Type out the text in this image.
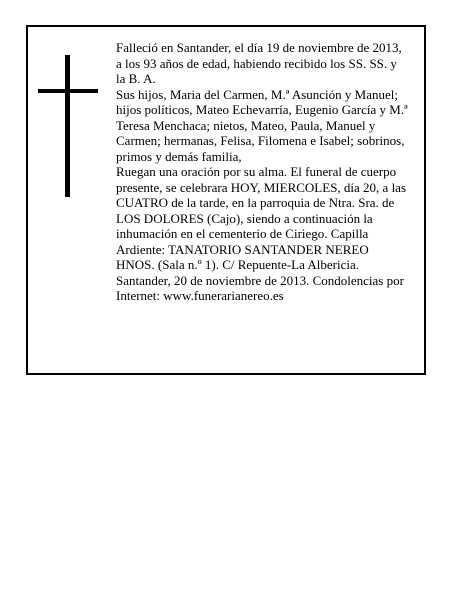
Falleció en Santander, el día 19 de noviembre de 2013,
a los 93 años de edad, habiendo recibido los SS. SS. y
la B. A.

Sus hijos, Maria del Carmen, M.ª Asunción y Manuel;
hijos políticos, Mateo Echevarría, Eugenio García y M.ª
Teresa Menchaca; nietos, Mateo, Paula, Manuel y
Carmen; hermanas, Felisa, Filomena e Isabel; sobrinos,
primos y demás familia,

Ruegan una oración por su alma. El funeral de cuerpo
presente, se celebrara HOY, MIERCOLES, día 20, a las
CUATRO de la tarde, en la parroquia de Ntra. Sra. de
LOS DOLORES (Cajo), siendo a continuación la
inhumación en el cementerio de Ciriego. Capilla
Ardiente: TANATORIO SANTANDER NEREO
HNOS. (Sala n.º 1). C/ Repuente-La Albericia.
Santander, 20 de noviembre de 2013. Condolencias por
Internet: www.funerarianereo.es
